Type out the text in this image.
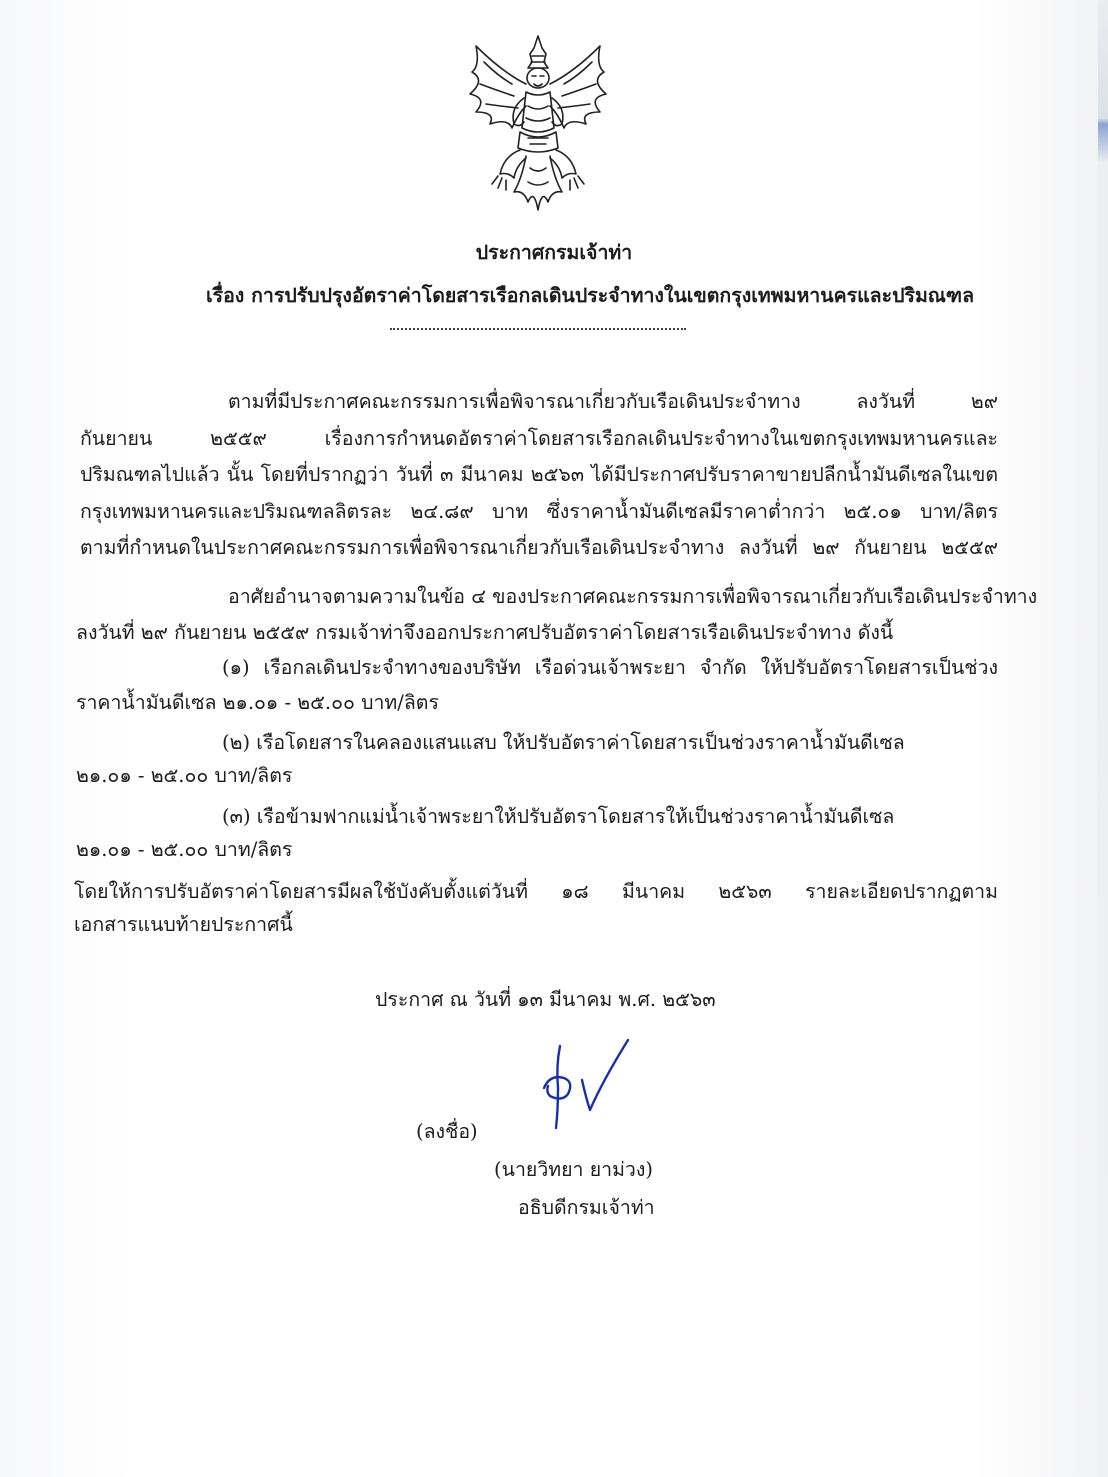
ประกาศกรมเจ้าท่า
เรื่อง การปรับปรุงอัตราค่าโดยสารเรือกลเดินประจำทางในเขตกรุงเทพมหานครและปริมณฑล
ตามที่มีประกาศคณะกรรมการเพื่อพิจารณาเกี่ยวกับเรือเดินประจำทาง ลงวันที่ ๒๙
กันยายน ๒๕๕๙ เรื่องการกำหนดอัตราค่าโดยสารเรือกลเดินประจำทางในเขตกรุงเทพมหานครและ
ปริมณฑลไปแล้ว นั้น โดยที่ปรากฏว่า วันที่ ๓ มีนาคม ๒๕๖๓ ได้มีประกาศปรับราคาขายปลีกน้ำมันดีเซลในเขต
กรุงเทพมหานครและปริมณฑลลิตรละ ๒๔.๘๙ บาท ซึ่งราคาน้ำมันดีเซลมีราคาต่ำกว่า ๒๕.๐๑ บาท/ลิตร
ตามที่กำหนดในประกาศคณะกรรมการเพื่อพิจารณาเกี่ยวกับเรือเดินประจำทาง ลงวันที่ ๒๙ กันยายน ๒๕๕๙
อาศัยอำนาจตามความในข้อ ๔ ของประกาศคณะกรรมการเพื่อพิจารณาเกี่ยวกับเรือเดินประจำทาง
ลงวันที่ ๒๙ กันยายน ๒๕๕๙ กรมเจ้าท่าจึงออกประกาศปรับอัตราค่าโดยสารเรือเดินประจำทาง ดังนี้
(๑) เรือกลเดินประจำทางของบริษัท เรือด่วนเจ้าพระยา จำกัด ให้ปรับอัตราโดยสารเป็นช่วง
ราคาน้ำมันดีเซล ๒๑.๐๑ - ๒๕.๐๐ บาท/ลิตร
(๒) เรือโดยสารในคลองแสนแสบ ให้ปรับอัตราค่าโดยสารเป็นช่วงราคาน้ำมันดีเซล
๒๑.๐๑ - ๒๕.๐๐ บาท/ลิตร
(๓) เรือข้ามฟากแม่น้ำเจ้าพระยาให้ปรับอัตราโดยสารให้เป็นช่วงราคาน้ำมันดีเซล
๒๑.๐๑ - ๒๕.๐๐ บาท/ลิตร
โดยให้การปรับอัตราค่าโดยสารมีผลใช้บังคับตั้งแต่วันที่ ๑๘ มีนาคม ๒๕๖๓ รายละเอียดปรากฏตาม
เอกสารแนบท้ายประกาศนี้
ประกาศ ณ วันที่ ๑๓ มีนาคม พ.ศ. ๒๕๖๓
(ลงชื่อ)
(นายวิทยา ยาม่วง)
อธิบดีกรมเจ้าท่า
